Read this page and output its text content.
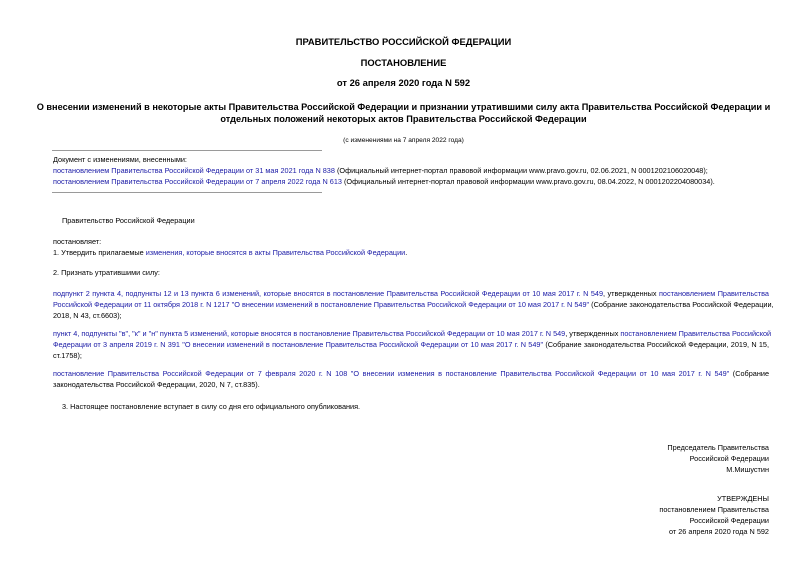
ПРАВИТЕЛЬСТВО РОССИЙСКОЙ ФЕДЕРАЦИИ
ПОСТАНОВЛЕНИЕ
от 26 апреля 2020 года N 592
О внесении изменений в некоторые акты Правительства Российской Федерации и признании утратившими силу акта Правительства Российской Федерации и
отдельных положений некоторых актов Правительства Российской Федерации
(с изменениями на 7 апреля 2022 года)
Документ с изменениями, внесенными:
постановлением Правительства Российской Федерации от 31 мая 2021 года N 838 (Официальный интернет-портал правовой информации www.pravo.gov.ru, 02.06.2021, N 0001202106020048);
постановлением Правительства Российской Федерации от 7 апреля 2022 года N 613 (Официальный интернет-портал правовой информации www.pravo.gov.ru, 08.04.2022, N 0001202204080034).
Правительство Российской Федерации
постановляет:
1. Утвердить прилагаемые изменения, которые вносятся в акты Правительства Российской Федерации.
2. Признать утратившими силу:
подпункт 2 пункта 4, подпункты 12 и 13 пункта 6 изменений, которые вносятся в постановление Правительства Российской Федерации от 10 мая 2017 г. N 549, утвержденных постановлением Правительства
Российской Федерации от 11 октября 2018 г. N 1217 "О внесении изменений в постановление Правительства Российской Федерации от 10 мая 2017 г. N 549" (Собрание законодательства Российской Федерации,
2018, N 43, ст.6603);
пункт 4, подпункты "в", "к" и "н" пункта 5 изменений, которые вносятся в постановление Правительства Российской Федерации от 10 мая 2017 г. N 549, утвержденных постановлением Правительства Российской
Федерации от 3 апреля 2019 г. N 391 "О внесении изменений в постановление Правительства Российской Федерации от 10 мая 2017 г. N 549" (Собрание законодательства Российской Федерации, 2019, N 15,
ст.1758);
постановление Правительства Российской Федерации от 7 февраля 2020 г. N 108 "О внесении изменения в постановление Правительства Российской Федерации от 10 мая 2017 г. N 549" (Собрание
законодательства Российской Федерации, 2020, N 7, ст.835).
3. Настоящее постановление вступает в силу со дня его официального опубликования.
Председатель Правительства
Российской Федерации
М.Мишустин
УТВЕРЖДЕНЫ
постановлением Правительства
Российской Федерации
от 26 апреля 2020 года N 592
